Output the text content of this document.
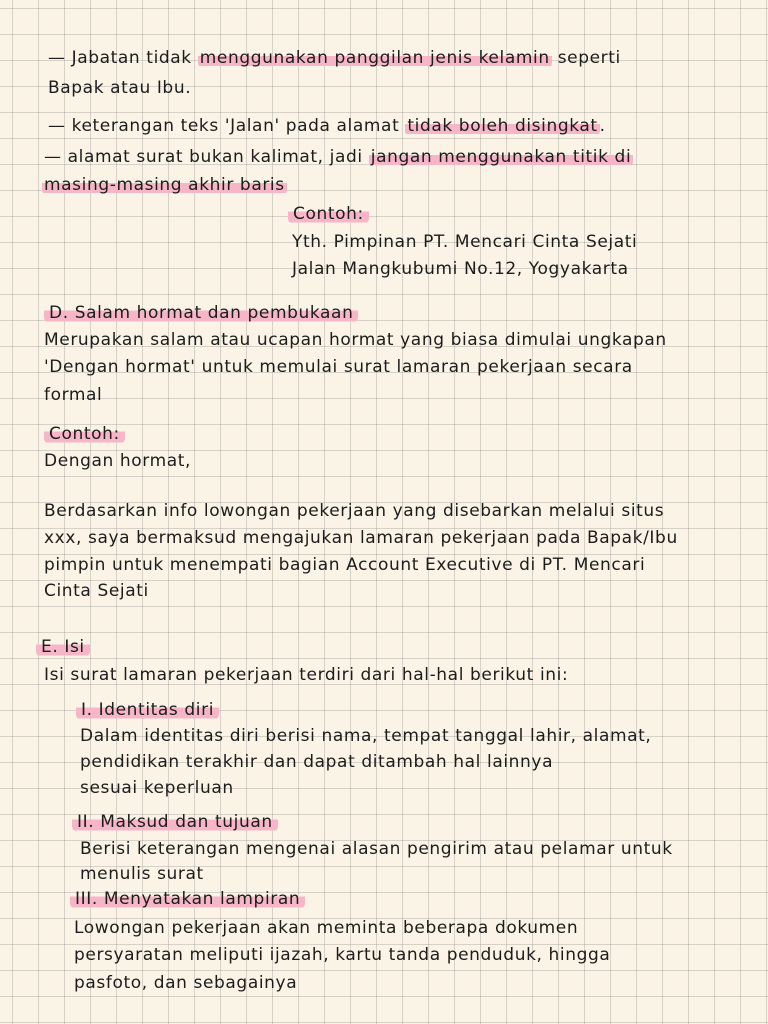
— Jabatan tidak menggunakan panggilan jenis kelamin seperti
Bapak atau Ibu.
— keterangan teks 'Jalan' pada alamat tidak boleh disingkat .
— alamat surat bukan kalimat, jadi jangan menggunakan titik di
masing-masing akhir baris
Contoh:
Yth. Pimpinan PT. Mencari Cinta Sejati
Jalan Mangkubumi No.12, Yogyakarta
D. Salam hormat dan pembukaan
Merupakan salam atau ucapan hormat yang biasa dimulai ungkapan
'Dengan hormat' untuk memulai surat lamaran pekerjaan secara
formal
Contoh:
Dengan hormat,
Berdasarkan info lowongan pekerjaan yang disebarkan melalui situs
xxx, saya bermaksud mengajukan lamaran pekerjaan pada Bapak/Ibu
pimpin untuk menempati bagian Account Executive di PT. Mencari
Cinta Sejati
E. Isi
Isi surat lamaran pekerjaan terdiri dari hal-hal berikut ini:
I. Identitas diri
Dalam identitas diri berisi nama, tempat tanggal lahir, alamat,
pendidikan terakhir dan dapat ditambah hal lainnya
sesuai keperluan
II. Maksud dan tujuan
Berisi keterangan mengenai alasan pengirim atau pelamar untuk
menulis surat
III. Menyatakan lampiran
Lowongan pekerjaan akan meminta beberapa dokumen
persyaratan meliputi ijazah, kartu tanda penduduk, hingga
pasfoto, dan sebagainya
